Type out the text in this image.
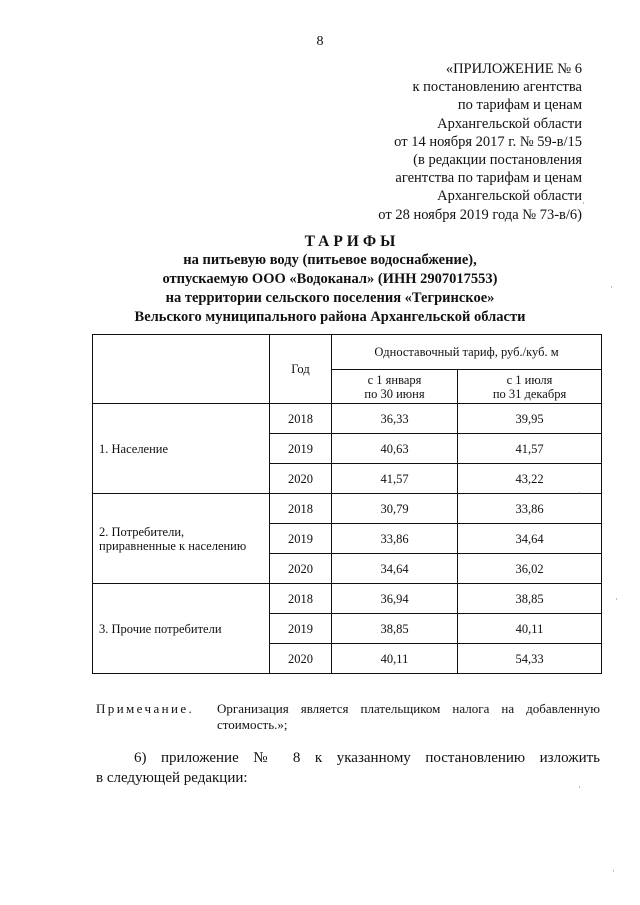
8
«ПРИЛОЖЕНИЕ № 6
к постановлению агентства
по тарифам и ценам
Архангельской области
от 14 ноября 2017 г. № 59-в/15
(в редакции постановления
агентства по тарифам и ценам
Архангельской области
от 28 ноября 2019 года № 73-в/6)
ТАРИФЫ
на питьевую воду (питьевое водоснабжение),
отпускаемую ООО «Водоканал» (ИНН 2907017553)
на территории сельского поселения «Тегринское»
Вельского муниципального района Архангельской области
	Год	Одноставочный тариф, руб./куб. м	
		с 1 января
по 30 июня	с 1 июля
по 31 декабря
1. Население	2018	36,33	39,95
	2019	40,63	41,57
	2020	41,57	43,22
2. Потребители,
приравненные к населению	2018	30,79	33,86
	2019	33,86	34,64
	2020	34,64	36,02
3. Прочие потребители	2018	36,94	38,85
	2019	38,85	40,11
	2020	40,11	54,33
Примечание. Организация является плательщиком налога на добавленную стоимость.»;
6) приложение № 8 к указанному постановлению изложить
в следующей редакции:
·
·
·
·
·
·
